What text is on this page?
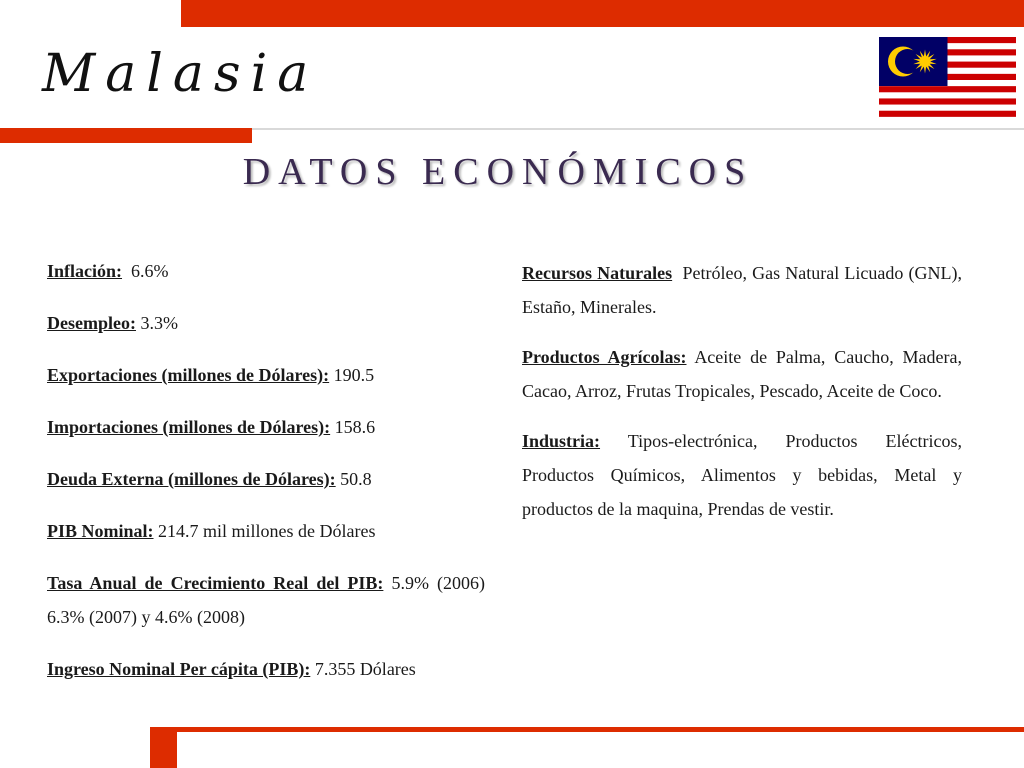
Malasia
DATOS ECONÓMICOS

Inflación: 6.6%

Desempleo: 3.3%

Exportaciones (millones de Dólares): 190.5

Importaciones (millones de Dólares): 158.6

Deuda Externa (millones de Dólares): 50.8

PIB Nominal: 214.7 mil millones de Dólares

Tasa Anual de Crecimiento Real del PIB: 5.9% (2006) 6.3% (2007) y 4.6% (2008)

Ingreso Nominal Per cápita (PIB): 7.355 Dólares

Recursos Naturales Petróleo, Gas Natural Licuado (GNL), Estaño, Minerales.

Productos Agrícolas: Aceite de Palma, Caucho, Madera, Cacao, Arroz, Frutas Tropicales, Pescado, Aceite de Coco.

Industria: Tipos-electrónica, Productos Eléctricos, Productos Químicos, Alimentos y bebidas, Metal y productos de la maquina, Prendas de vestir.
